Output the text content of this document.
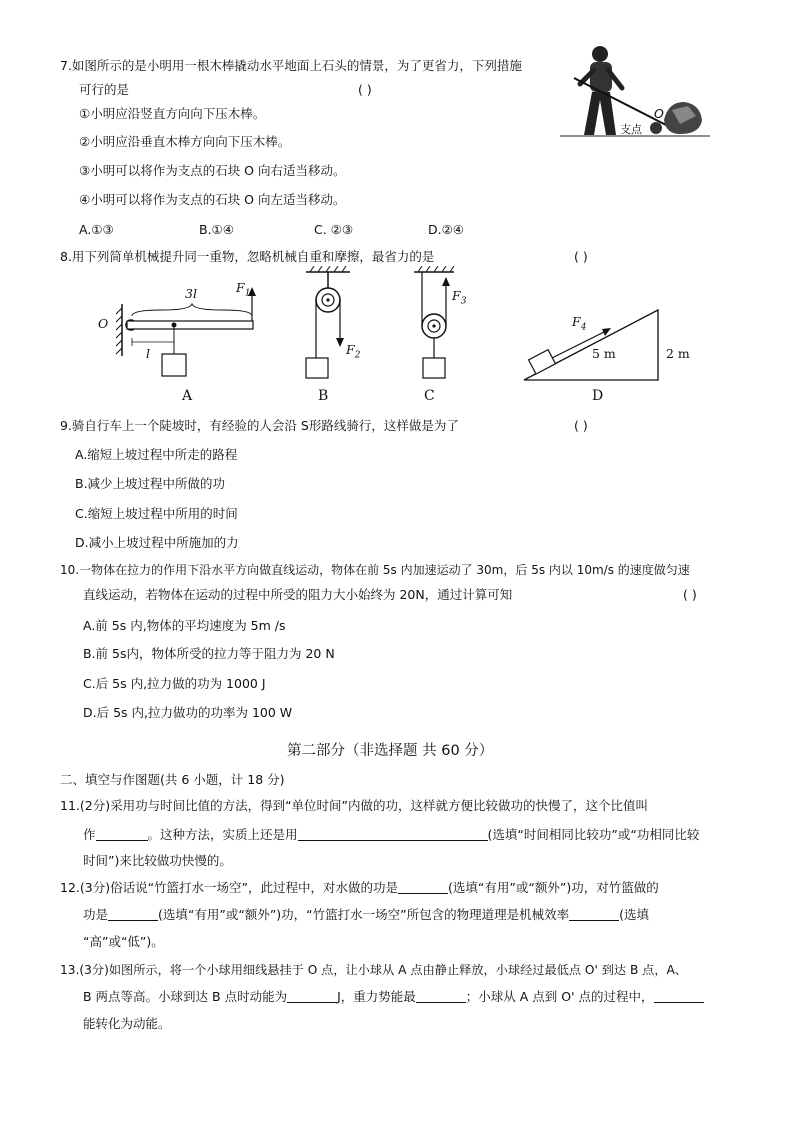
7.如图所示的是小明用一根木棒撬动水平地面上石头的情景，为了更省力，下列措施
可行的是	( )
①小明应沿竖直方向向下压木棒。
②小明应沿垂直木棒方向向下压木棒。
③小明可以将作为支点的石块 O 向右适当移动。
④小明可以将作为支点的石块 O 向左适当移动。
A.①③	B.①④	C. ②③	D.②④
O
支点
8.用下列简单机械提升同一重物，忽略机械自重和摩擦，最省力的是	( )
O
3l	$F_1$
l
A
$F_2$
B
$F_3$
C
$F_4$
5 m	2 m
D
9.骑自行车上一个陡坡时，有经验的人会沿 S形路线骑行，这样做是为了	( )
A.缩短上坡过程中所走的路程
B.减少上坡过程中所做的功
C.缩短上坡过程中所用的时间
D.减小上坡过程中所施加的力
10.一物体在拉力的作用下沿水平方向做直线运动，物体在前 5s 内加速运动了 30m，后 5s 内以 10m/s 的速度做匀速
直线运动，若物体在运动的过程中所受的阻力大小始终为 20N，通过计算可知	( )
A.前 5s 内,物体的平均速度为 5m /s
B.前 5s内，物体所受的拉力等于阻力为 20 N
C.后 5s 内,拉力做的功为 1000 J
D.后 5s 内,拉力做功的功率为 100 W
第二部分（非选择题 共 60 分）
二、填空与作图题(共 6 小题，计 18 分)
11.(2分)采用功与时间比值的方法，得到“单位时间”内做的功，这样就方便比较做功的快慢了，这个比值叫
作	。这种方法，实质上还是用	(选填“时间相同比较功”或“功相同比较
时间”)来比较做功快慢的。
12.(3分)俗话说“竹篮打水一场空”，此过程中，对水做的功是	(选填“有用”或“额外”)功，对竹篮做的
功是	(选填“有用”或“额外”)功，“竹篮打水一场空”所包含的物理道理是机械效率	(选填
“高”或“低”)。
13.(3分)如图所示，将一个小球用细线悬挂于 O 点，让小球从 A 点由静止释放，小球经过最低点 O' 到达 B 点，A、
B 两点等高。小球到达 B 点时动能为	J，重力势能最	；小球从 A 点到 O' 点的过程中，
能转化为动能。
